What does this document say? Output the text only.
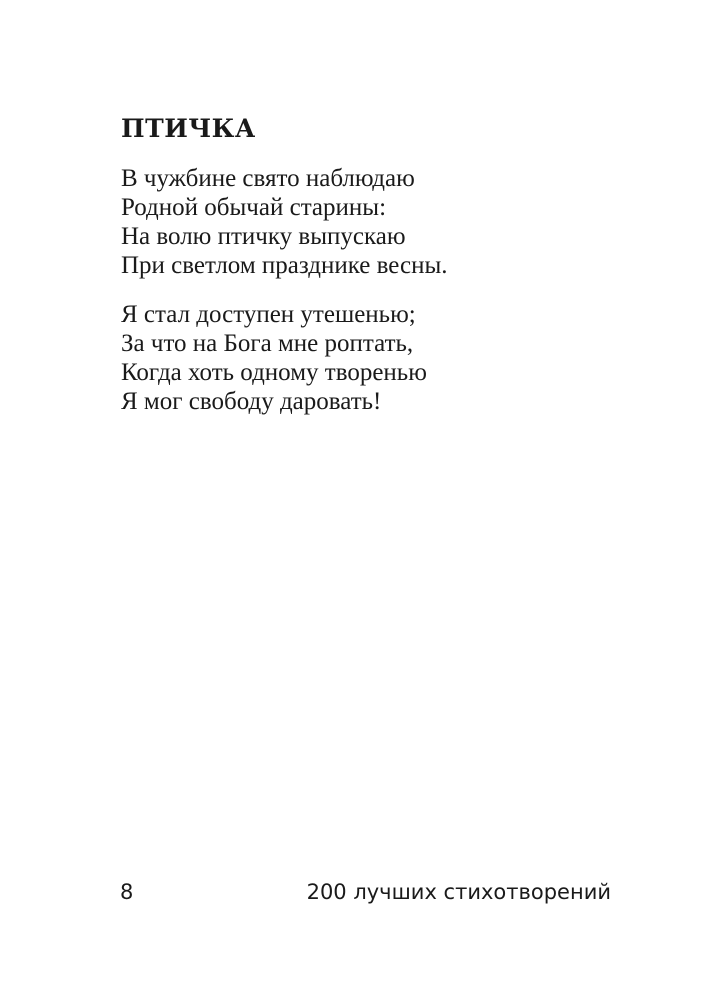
ПТИЧКА
В чужбине свято наблюдаю
Родной обычай старины:
На волю птичку выпускаю
При светлом празднике весны.
Я стал доступен утешенью;
За что на Бога мне роптать,
Когда хоть одному творенью
Я мог свободу даровать!
8	200 лучших стихотворений
